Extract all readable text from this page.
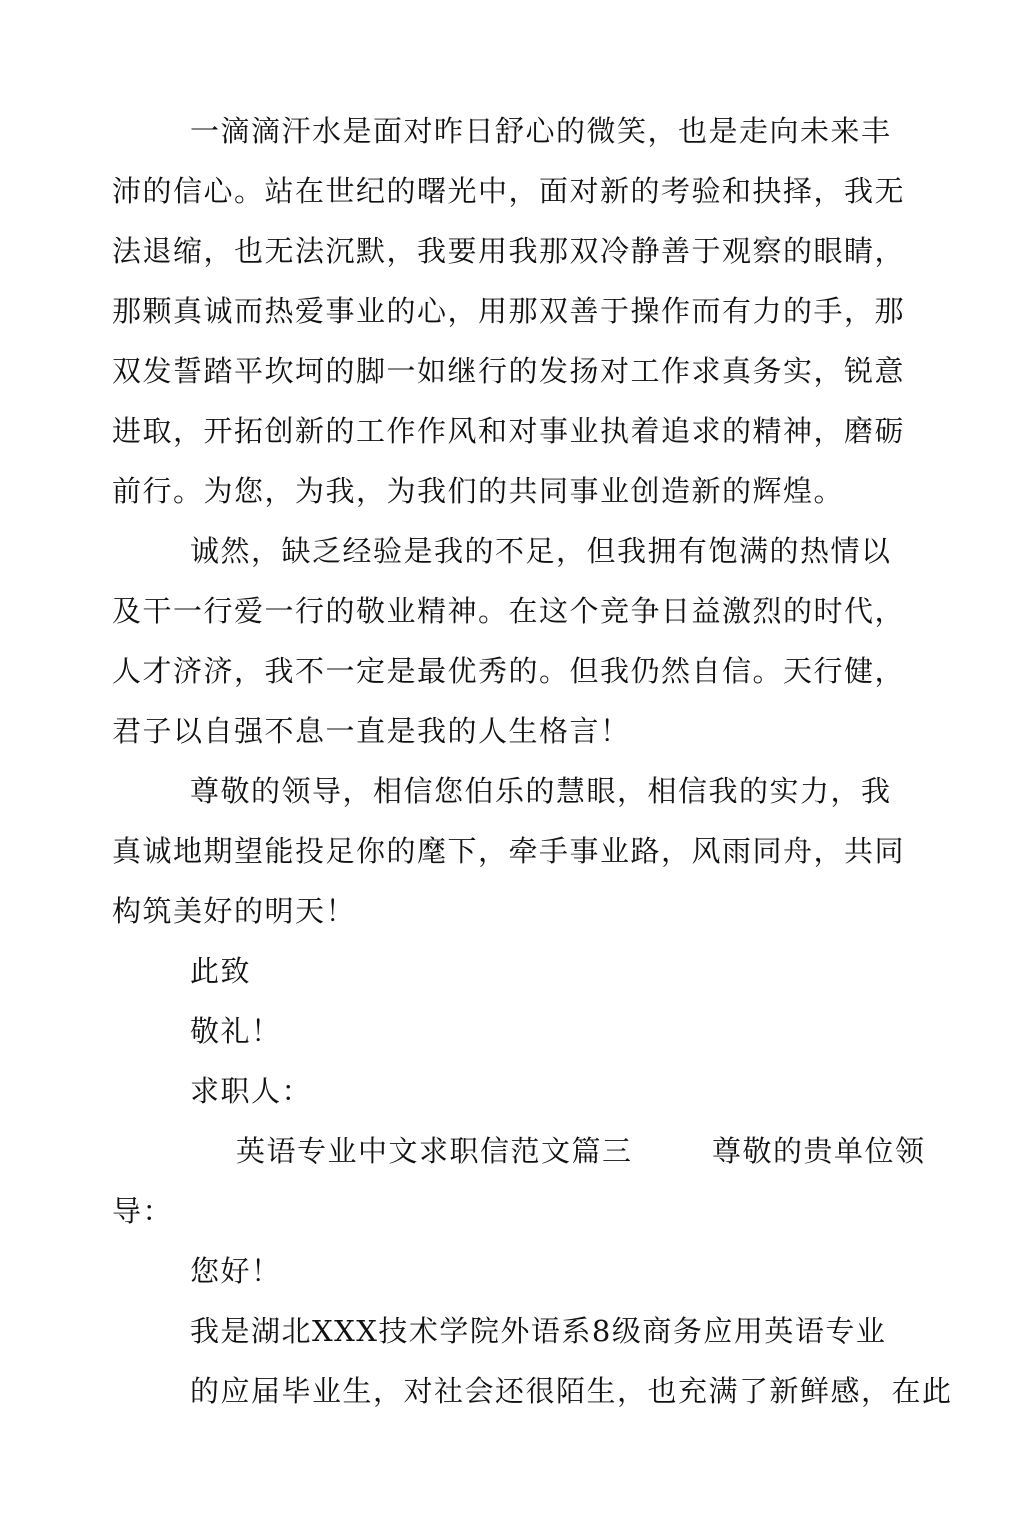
一滴滴汗水是面对昨日舒心的微笑，也是走向未来丰
沛的信心。站在世纪的曙光中，面对新的考验和抉择，我无
法退缩，也无法沉默，我要用我那双冷静善于观察的眼睛，
那颗真诚而热爱事业的心，用那双善于操作而有力的手，那
双发誓踏平坎坷的脚一如继行的发扬对工作求真务实，锐意
进取，开拓创新的工作作风和对事业执着追求的精神，磨砺
前行。为您，为我，为我们的共同事业创造新的辉煌。
诚然，缺乏经验是我的不足，但我拥有饱满的热情以
及干一行爱一行的敬业精神。在这个竞争日益激烈的时代，
人才济济，我不一定是最优秀的。但我仍然自信。天行健，
君子以自强不息一直是我的人生格言！
尊敬的领导，相信您伯乐的慧眼，相信我的实力，我
真诚地期望能投足你的麾下，牵手事业路，风雨同舟，共同
构筑美好的明天！
此致
敬礼！
求职人：
英语专业中文求职信范文篇三	尊敬的贵单位领
导：
您好！
我是湖北XXX技术学院外语系8级商务应用英语专业
的应届毕业生，对社会还很陌生，也充满了新鲜感，在此
